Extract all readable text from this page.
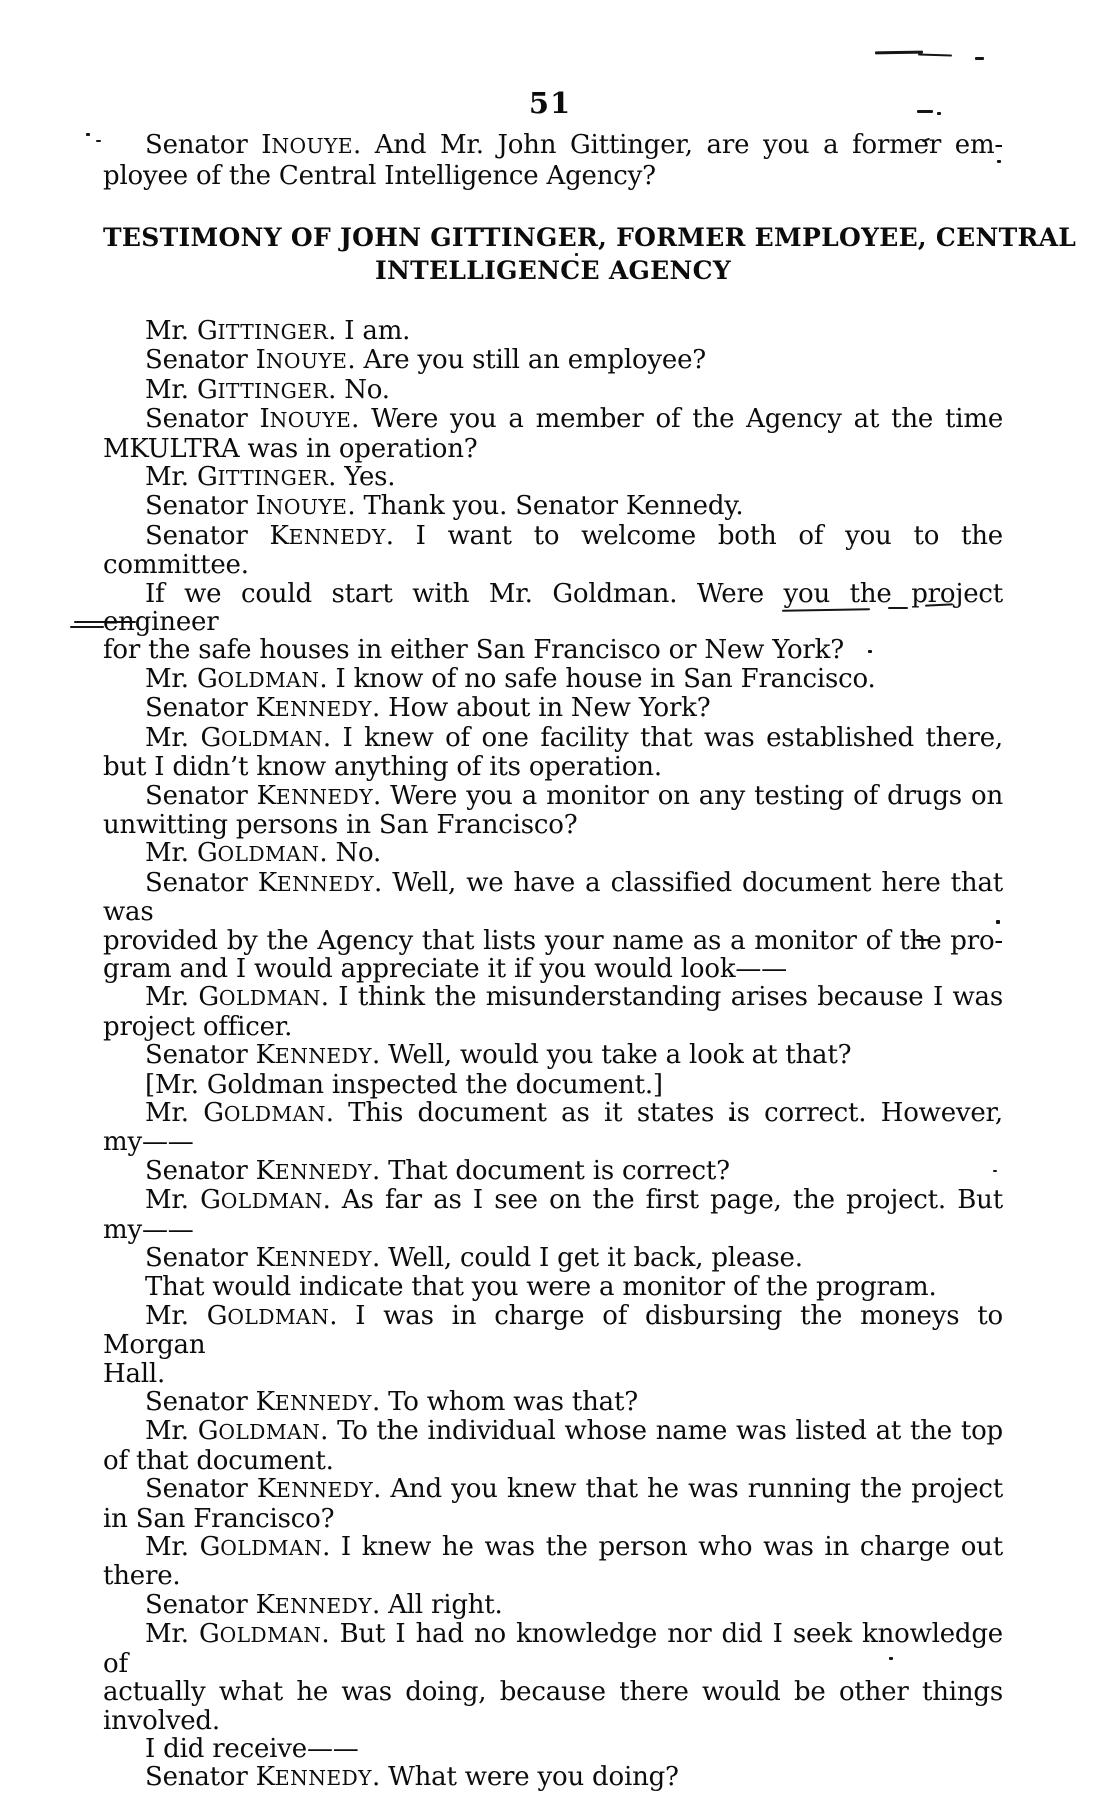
51
Senator INOUYE. And Mr. John Gittinger, are you a former em-
ployee of the Central Intelligence Agency?
TESTIMONY OF JOHN GITTINGER, FORMER EMPLOYEE, CENTRAL
INTELLIGENCE AGENCY
Mr. GITTINGER. I am.
Senator INOUYE. Are you still an employee?
Mr. GITTINGER. No.
Senator INOUYE. Were you a member of the Agency at the time
MKULTRA was in operation?
Mr. GITTINGER. Yes.
Senator INOUYE. Thank you. Senator Kennedy.
Senator KENNEDY. I want to welcome both of you to the committee.
If we could start with Mr. Goldman. Were you the project engineer
for the safe houses in either San Francisco or New York?
Mr. GOLDMAN. I know of no safe house in San Francisco.
Senator KENNEDY. How about in New York?
Mr. GOLDMAN. I knew of one facility that was established there,
but I didn’t know anything of its operation.
Senator KENNEDY. Were you a monitor on any testing of drugs on
unwitting persons in San Francisco?
Mr. GOLDMAN. No.
Senator KENNEDY. Well, we have a classified document here that was
provided by the Agency that lists your name as a monitor of the pro-
gram and I would appreciate it if you would look——
Mr. GOLDMAN. I think the misunderstanding arises because I was
project officer.
Senator KENNEDY. Well, would you take a look at that?
[Mr. Goldman inspected the document.]
Mr. GOLDMAN. This document as it states is correct. However,
my——
Senator KENNEDY. That document is correct?
Mr. GOLDMAN. As far as I see on the first page, the project. But
my——
Senator KENNEDY. Well, could I get it back, please.
That would indicate that you were a monitor of the program.
Mr. GOLDMAN. I was in charge of disbursing the moneys to Morgan
Hall.
Senator KENNEDY. To whom was that?
Mr. GOLDMAN. To the individual whose name was listed at the top
of that document.
Senator KENNEDY. And you knew that he was running the project
in San Francisco?
Mr. GOLDMAN. I knew he was the person who was in charge out
there.
Senator KENNEDY. All right.
Mr. GOLDMAN. But I had no knowledge nor did I seek knowledge of
actually what he was doing, because there would be other things
involved.
I did receive——
Senator KENNEDY. What were you doing?
